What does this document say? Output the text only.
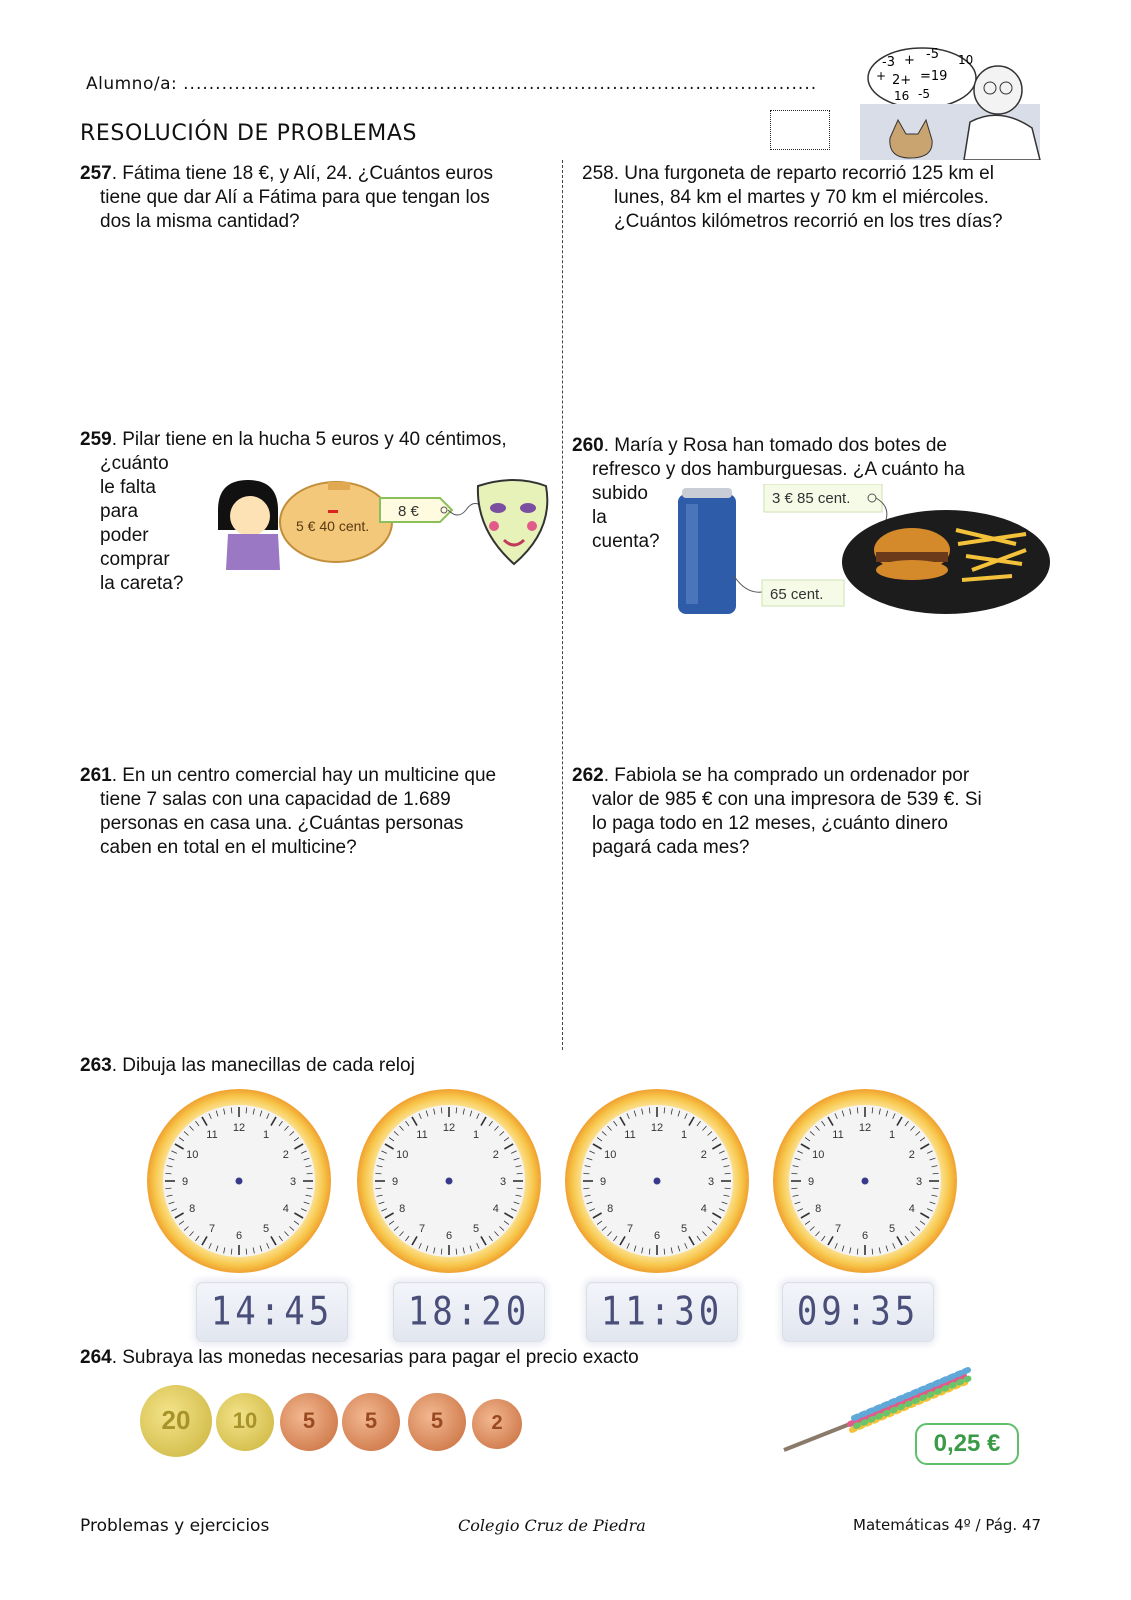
Alumno/a: ...................................................................................................
RESOLUCIÓN DE PROBLEMAS
-3 + -5 10
+ 2+ =19
16 -5
257. Fátima tiene 18 €, y Alí, 24. ¿Cuántos euros
tiene que dar Alí a Fátima para que tengan los
dos la misma cantidad?
258. Una furgoneta de reparto recorrió 125 km el
lunes, 84 km el martes y 70 km el miércoles.
¿Cuántos kilómetros recorrió en los tres días?
259. Pilar tiene en la hucha 5 euros y 40 céntimos,
¿cuánto
le falta
para
poder
comprar
la careta?
5 € 40 cent.
8 €
260. María y Rosa han tomado dos botes de
refresco y dos hamburguesas. ¿A cuánto ha
subido
la
cuenta?
65 cent.
3 € 85 cent.
261. En un centro comercial hay un multicine que
tiene 7 salas con una capacidad de 1.689
personas en casa una. ¿Cuántas personas
caben en total en el multicine?
262. Fabiola se ha comprado un ordenador por
valor de 985 € con una impresora de 539 €. Si
lo paga todo en 12 meses, ¿cuánto dinero
pagará cada mes?
263. Dibuja las manecillas de cada reloj
12
1
2
3
4
5
6
7
8
9
10
11
12
1
2
3
4
5
6
7
8
9
10
11
12
1
2
3
4
5
6
7
8
9
10
11
12
1
2
3
4
5
6
7
8
9
10
11
14:45	18:20	11:30	09:35
264. Subraya las monedas necesarias para pagar el precio exacto
20	10	5	5	5	2
0,25 €
Problemas y ejercicios	Colegio Cruz de Piedra	Matemáticas 4º / Pág. 47
